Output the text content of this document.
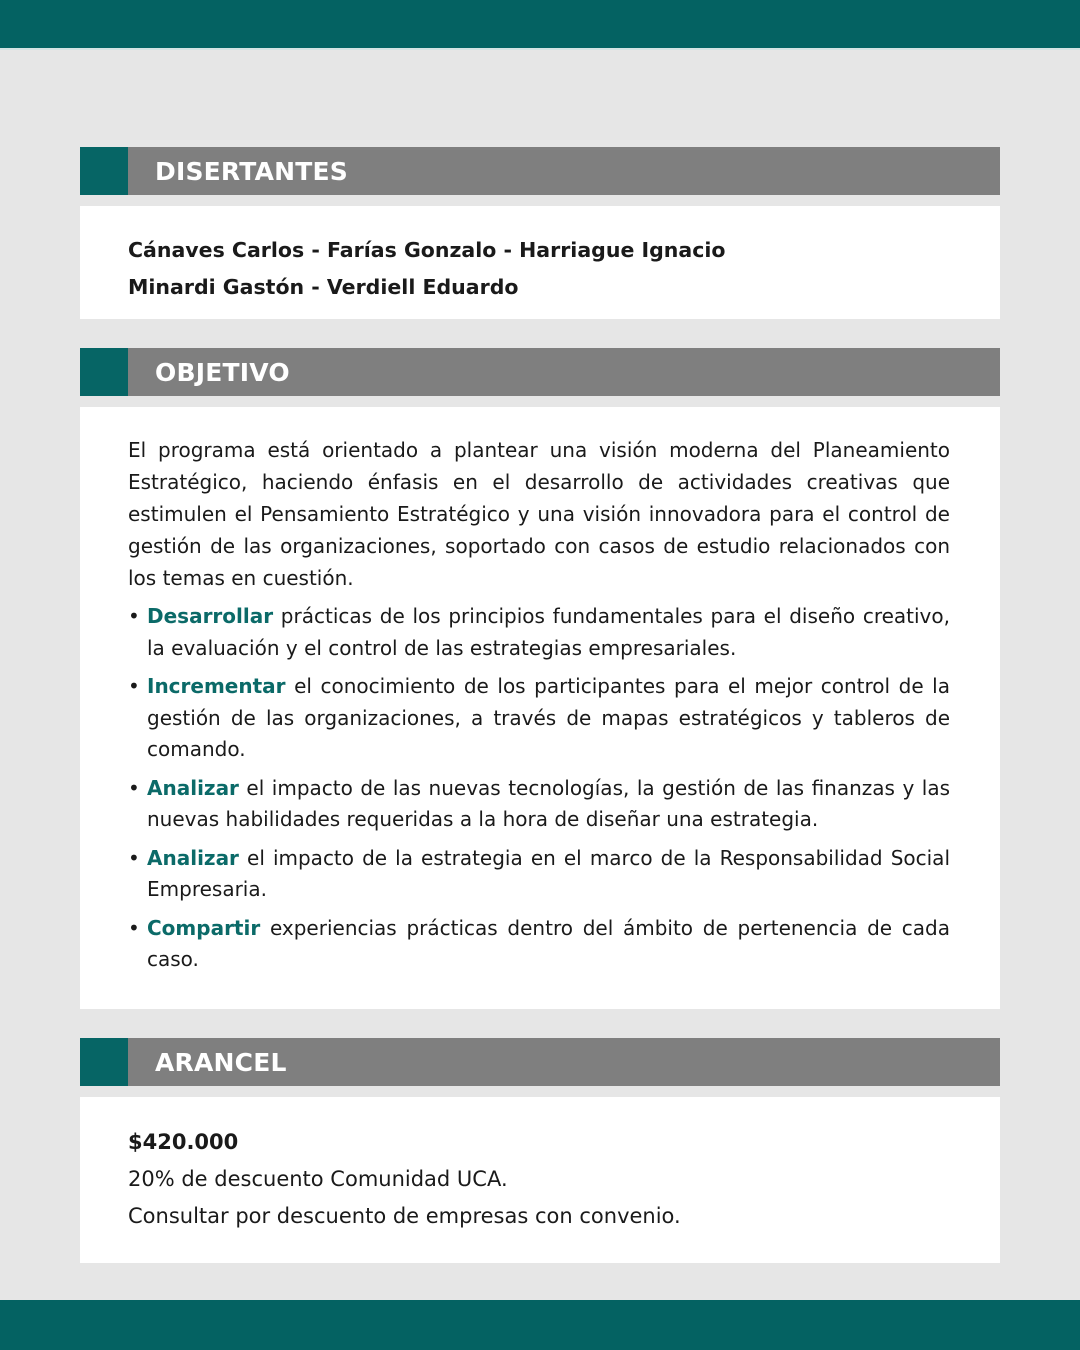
DISERTANTES
Cánaves Carlos - Farías Gonzalo - Harriague Ignacio
Minardi Gastón - Verdiell Eduardo
OBJETIVO

El programa está orientado a plantear una visión moderna del Planeamiento Estratégico, haciendo énfasis en el desarrollo de actividades creativas que estimulen el Pensamiento Estratégico y una visión innovadora para el control de gestión de las organizaciones, soportado con casos de estudio relacionados con los temas en cuestión.

• Desarrollar prácticas de los principios fundamentales para el diseño creativo, la evaluación y el control de las estrategias empresariales.
• Incrementar el conocimiento de los participantes para el mejor control de la gestión de las organizaciones, a través de mapas estratégicos y tableros de comando.
• Analizar el impacto de las nuevas tecnologías, la gestión de las finanzas y las nuevas habilidades requeridas a la hora de diseñar una estrategia.
• Analizar el impacto de la estrategia en el marco de la Responsabilidad Social Empresaria.
• Compartir experiencias prácticas dentro del ámbito de pertenencia de cada caso.
ARANCEL
$420.000
20% de descuento Comunidad UCA.
Consultar por descuento de empresas con convenio.
